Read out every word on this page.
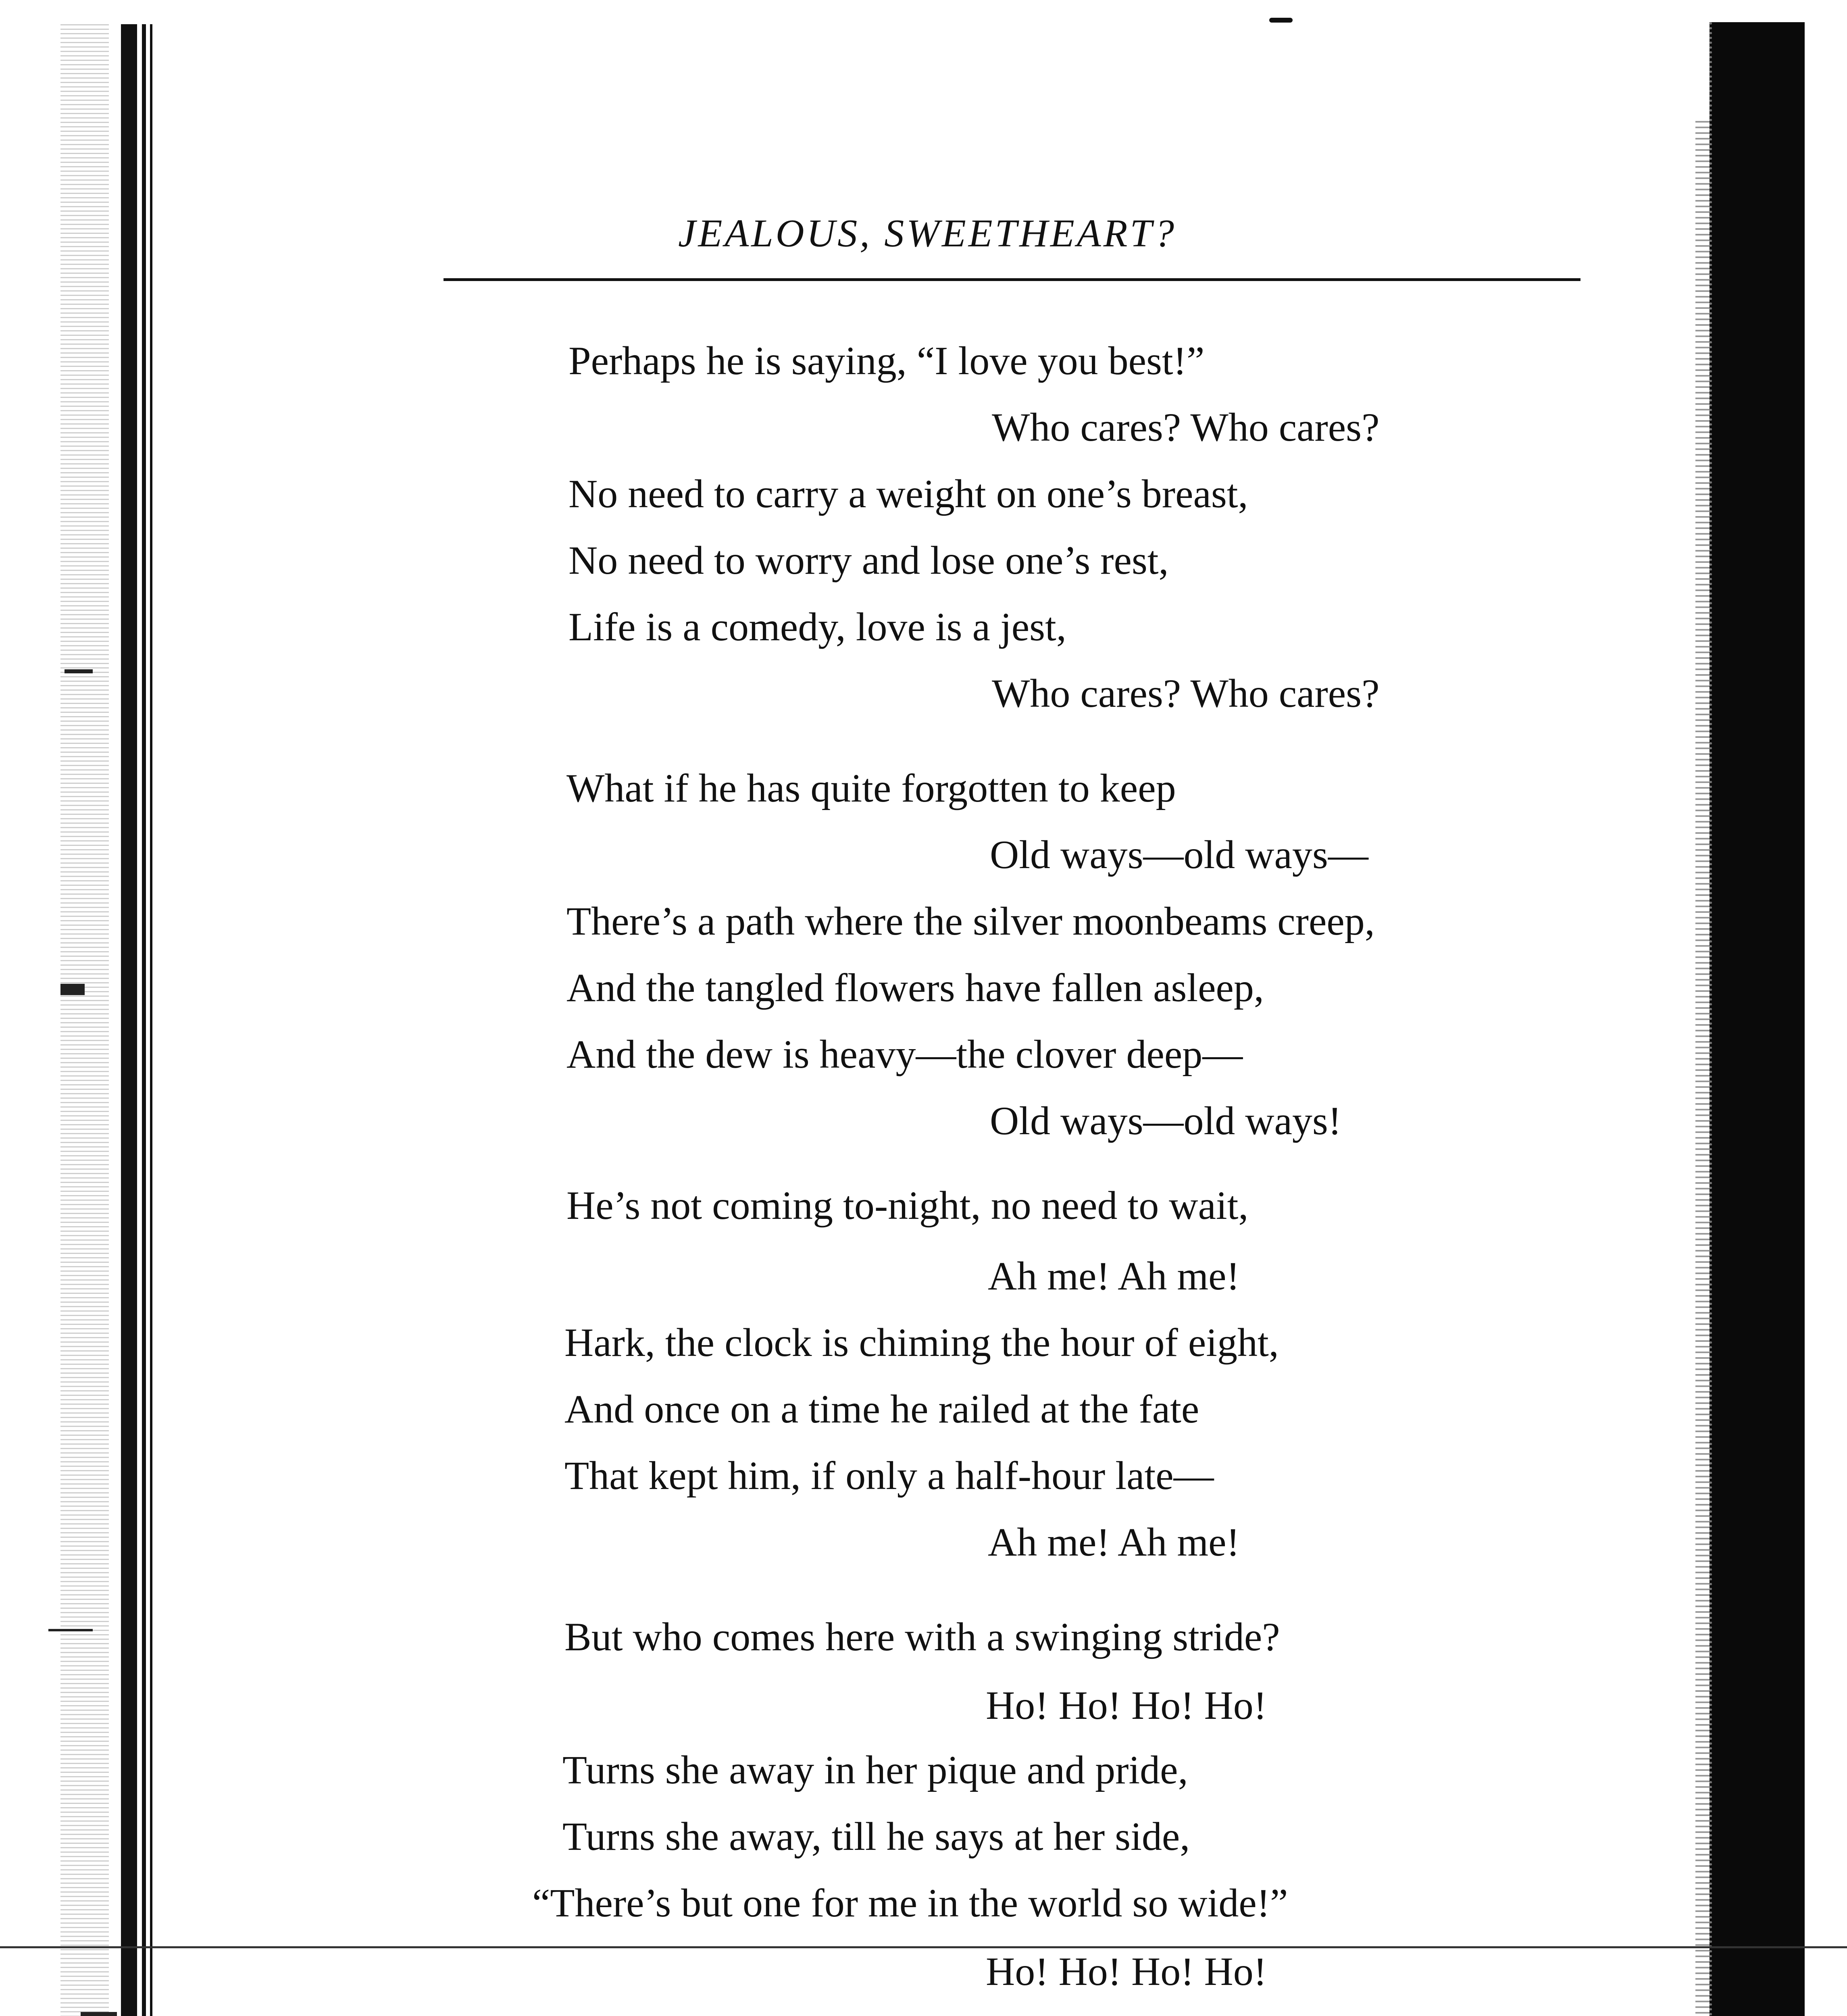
JEALOUS, SWEETHEART?
Perhaps he is saying, “I love you best!”
Who cares? Who cares?
No need to carry a weight on one’s breast,
No need to worry and lose one’s rest,
Life is a comedy, love is a jest,
Who cares? Who cares?
What if he has quite forgotten to keep
Old ways—old ways—
There’s a path where the silver moonbeams creep,
And the tangled flowers have fallen asleep,
And the dew is heavy—the clover deep—
Old ways—old ways!
He’s not coming to-night, no need to wait,
Ah me! Ah me!
Hark, the clock is chiming the hour of eight,
And once on a time he railed at the fate
That kept him, if only a half-hour late—
Ah me! Ah me!
But who comes here with a swinging stride?
Ho! Ho! Ho! Ho!
Turns she away in her pique and pride,
Turns she away, till he says at her side,
“There’s but one for me in the world so wide!”
Ho! Ho! Ho! Ho!
